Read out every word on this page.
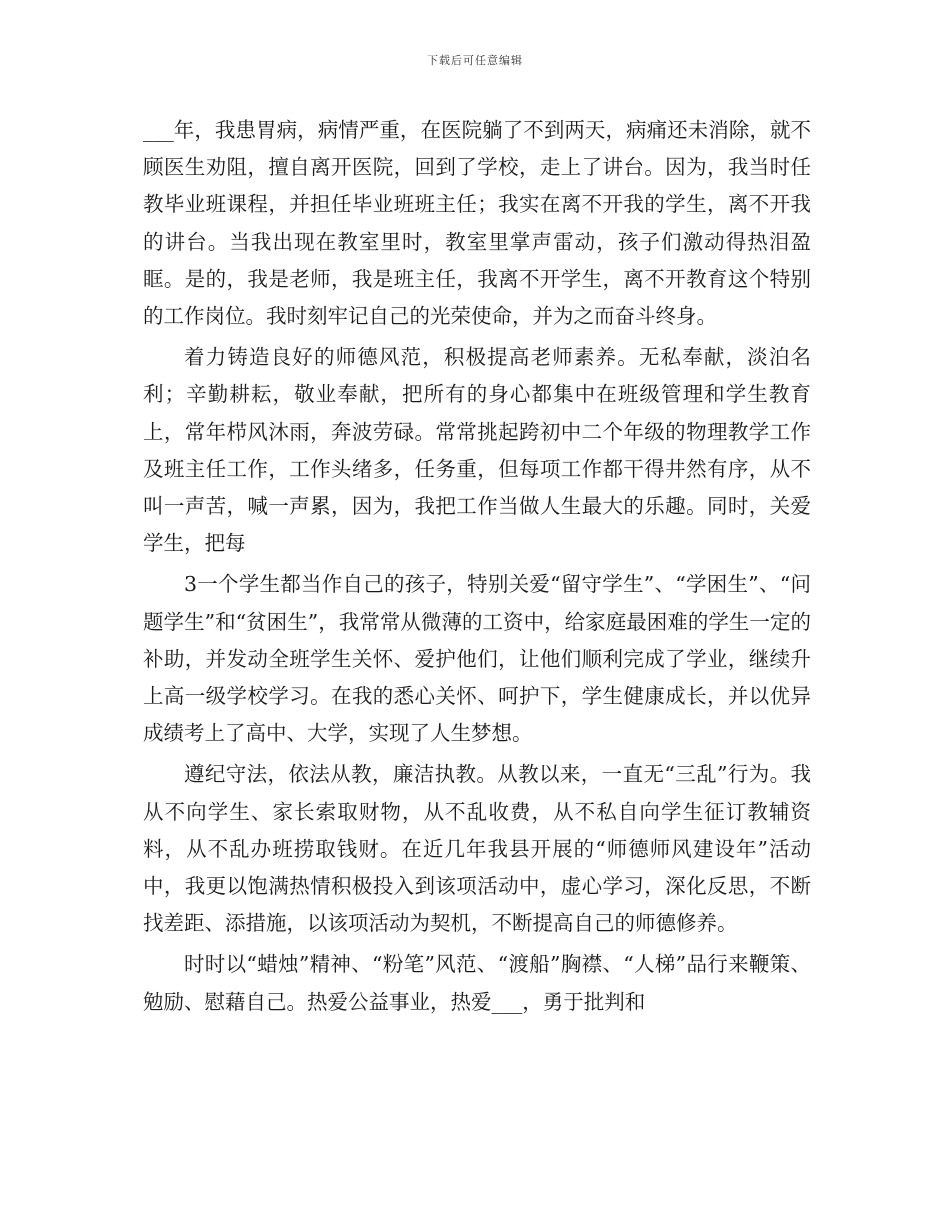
下载后可任意编辑

___年，我患胃病，病情严重，在医院躺了不到两天，病痛还未消除，就不顾医生劝阻，擅自离开医院，回到了学校，走上了讲台。因为，我当时任教毕业班课程，并担任毕业班班主任；我实在离不开我的学生，离不开我的讲台。当我出现在教室里时，教室里掌声雷动，孩子们激动得热泪盈眶。是的，我是老师，我是班主任，我离不开学生，离不开教育这个特别的工作岗位。我时刻牢记自己的光荣使命，并为之而奋斗终身。

着力铸造良好的师德风范，积极提高老师素养。无私奉献，淡泊名利；辛勤耕耘，敬业奉献，把所有的身心都集中在班级管理和学生教育上，常年栉风沐雨，奔波劳碌。常常挑起跨初中二个年级的物理教学工作及班主任工作，工作头绪多，任务重，但每项工作都干得井然有序，从不叫一声苦，喊一声累，因为，我把工作当做人生最大的乐趣。同时，关爱学生，把每

3一个学生都当作自己的孩子，特别关爱“留守学生”、“学困生”、“问题学生”和“贫困生”，我常常从微薄的工资中，给家庭最困难的学生一定的补助，并发动全班学生关怀、爱护他们，让他们顺利完成了学业，继续升上高一级学校学习。在我的悉心关怀、呵护下，学生健康成长，并以优异成绩考上了高中、大学，实现了人生梦想。

遵纪守法，依法从教，廉洁执教。从教以来，一直无“三乱”行为。我从不向学生、家长索取财物，从不乱收费，从不私自向学生征订教辅资料，从不乱办班捞取钱财。在近几年我县开展的“师德师风建设年”活动中，我更以饱满热情积极投入到该项活动中，虚心学习，深化反思，不断找差距、添措施，以该项活动为契机，不断提高自己的师德修养。

时时以“蜡烛”精神、“粉笔”风范、“渡船”胸襟、“人梯”品行来鞭策、勉励、慰藉自己。热爱公益事业，热爱___，勇于批判和
